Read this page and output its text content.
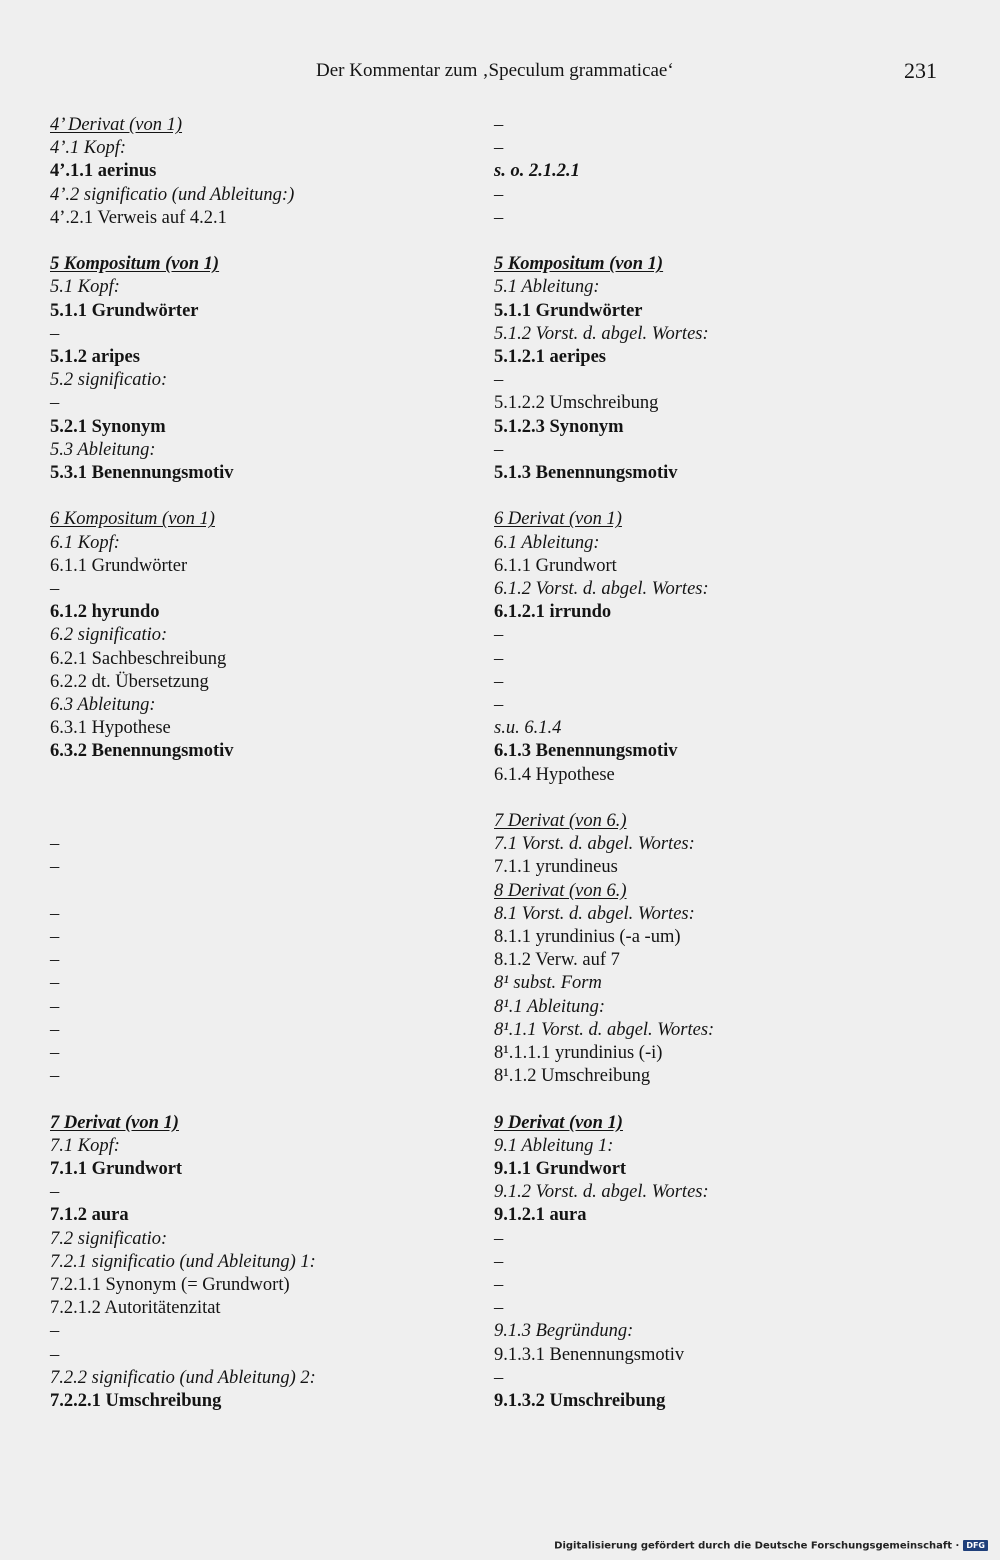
Der Kommentar zum ‚Speculum grammaticae‘	231
4’ Derivat (von 1)
4’.1 Kopf:
4’.1.1 aerinus
4’.2 significatio (und Ableitung:)
4’.2.1 Verweis auf 4.2.1
5 Kompositum (von 1)
5.1 Kopf:
5.1.1 Grundwörter
–
5.1.2 aripes
5.2 significatio:
–
5.2.1 Synonym
5.3 Ableitung:
5.3.1 Benennungsmotiv
6 Kompositum (von 1)
6.1 Kopf:
6.1.1 Grundwörter
–
6.1.2 hyrundo
6.2 significatio:
6.2.1 Sachbeschreibung
6.2.2 dt. Übersetzung
6.3 Ableitung:
6.3.1 Hypothese
6.3.2 Benennungsmotiv
–
–
–
–
–
–
–
–
–
–
7 Derivat (von 1)
7.1 Kopf:
7.1.1 Grundwort
–
7.1.2 aura
7.2 significatio:
7.2.1 significatio (und Ableitung) 1:
7.2.1.1 Synonym (= Grundwort)
7.2.1.2 Autoritätenzitat
–
–
7.2.2 significatio (und Ableitung) 2:
7.2.2.1 Umschreibung
–
–
s. o. 2.1.2.1
–
–
5 Kompositum (von 1)
5.1 Ableitung:
5.1.1 Grundwörter
5.1.2 Vorst. d. abgel. Wortes:
5.1.2.1 aeripes
–
5.1.2.2 Umschreibung
5.1.2.3 Synonym
–
5.1.3 Benennungsmotiv
6 Derivat (von 1)
6.1 Ableitung:
6.1.1 Grundwort
6.1.2 Vorst. d. abgel. Wortes:
6.1.2.1 irrundo
–
–
–
–
s.u. 6.1.4
6.1.3 Benennungsmotiv
6.1.4 Hypothese
7 Derivat (von 6.)
7.1 Vorst. d. abgel. Wortes:
7.1.1 yrundineus
8 Derivat (von 6.)
8.1 Vorst. d. abgel. Wortes:
8.1.1 yrundinius (-a -um)
8.1.2 Verw. auf 7
8¹ subst. Form
8¹.1 Ableitung:
8¹.1.1 Vorst. d. abgel. Wortes:
8¹.1.1.1 yrundinius (-i)
8¹.1.2 Umschreibung
9 Derivat (von 1)
9.1 Ableitung 1:
9.1.1 Grundwort
9.1.2 Vorst. d. abgel. Wortes:
9.1.2.1 aura
–
–
–
–
9.1.3 Begründung:
9.1.3.1 Benennungsmotiv
–
9.1.3.2 Umschreibung
Digitalisierung gefördert durch die Deutsche Forschungsgemeinschaft · DFG
